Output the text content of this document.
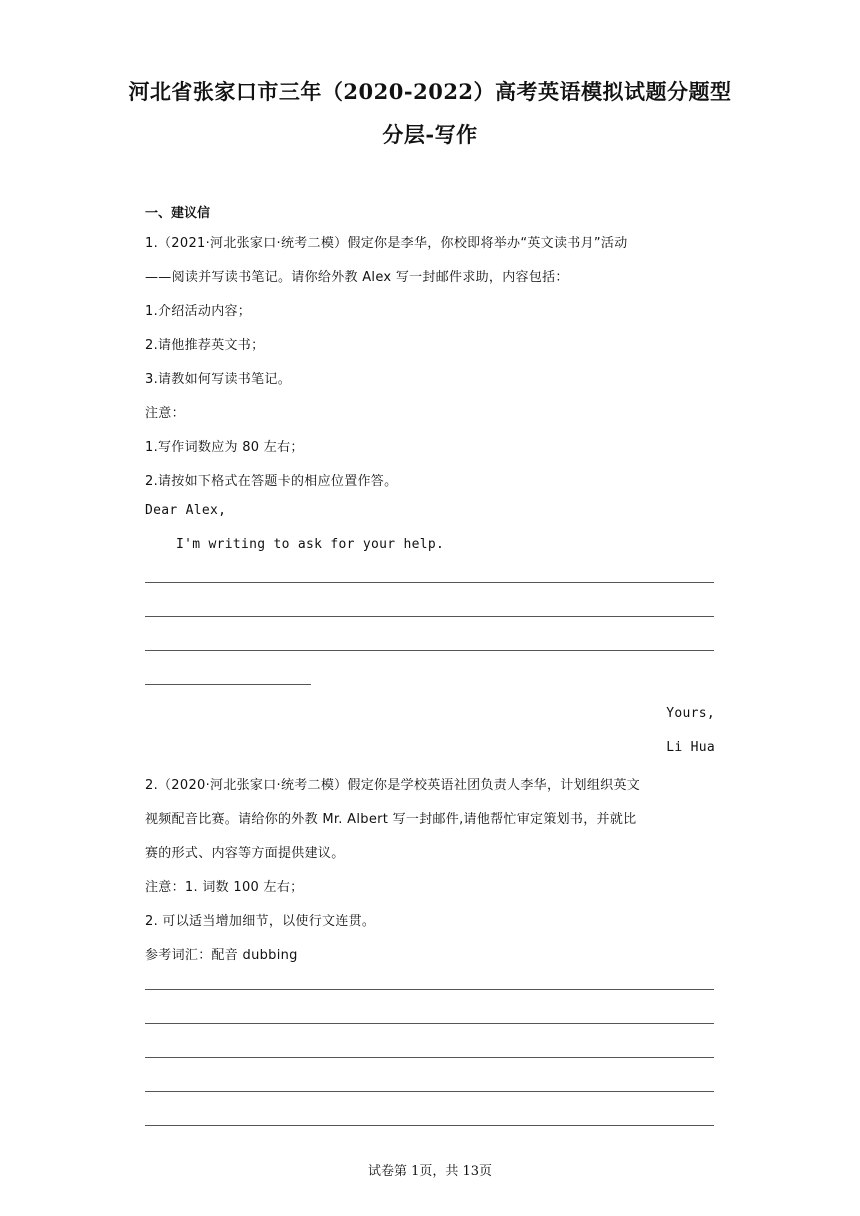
河北省张家口市三年（2020-2022）高考英语模拟试题分题型
分层-写作
一、建议信
1.（2021·河北张家口·统考二模）假定你是李华，你校即将举办“英文读书月”活动
——阅读并写读书笔记。请你给外教 Alex 写一封邮件求助，内容包括：
1.介绍活动内容；
2.请他推荐英文书；
3.请教如何写读书笔记。
注意：
1.写作词数应为 80 左右；
2.请按如下格式在答题卡的相应位置作答。
Dear Alex,
I'm writing to ask for your help.
Yours,
Li Hua
2.（2020·河北张家口·统考二模）假定你是学校英语社团负责人李华，计划组织英文
视频配音比赛。请给你的外教 Mr. Albert 写一封邮件,请他帮忙审定策划书，并就比
赛的形式、内容等方面提供建议。
注意：1. 词数 100 左右；
2. 可以适当增加细节，以使行文连贯。
参考词汇：配音 dubbing
试卷第 1页，共 13页
